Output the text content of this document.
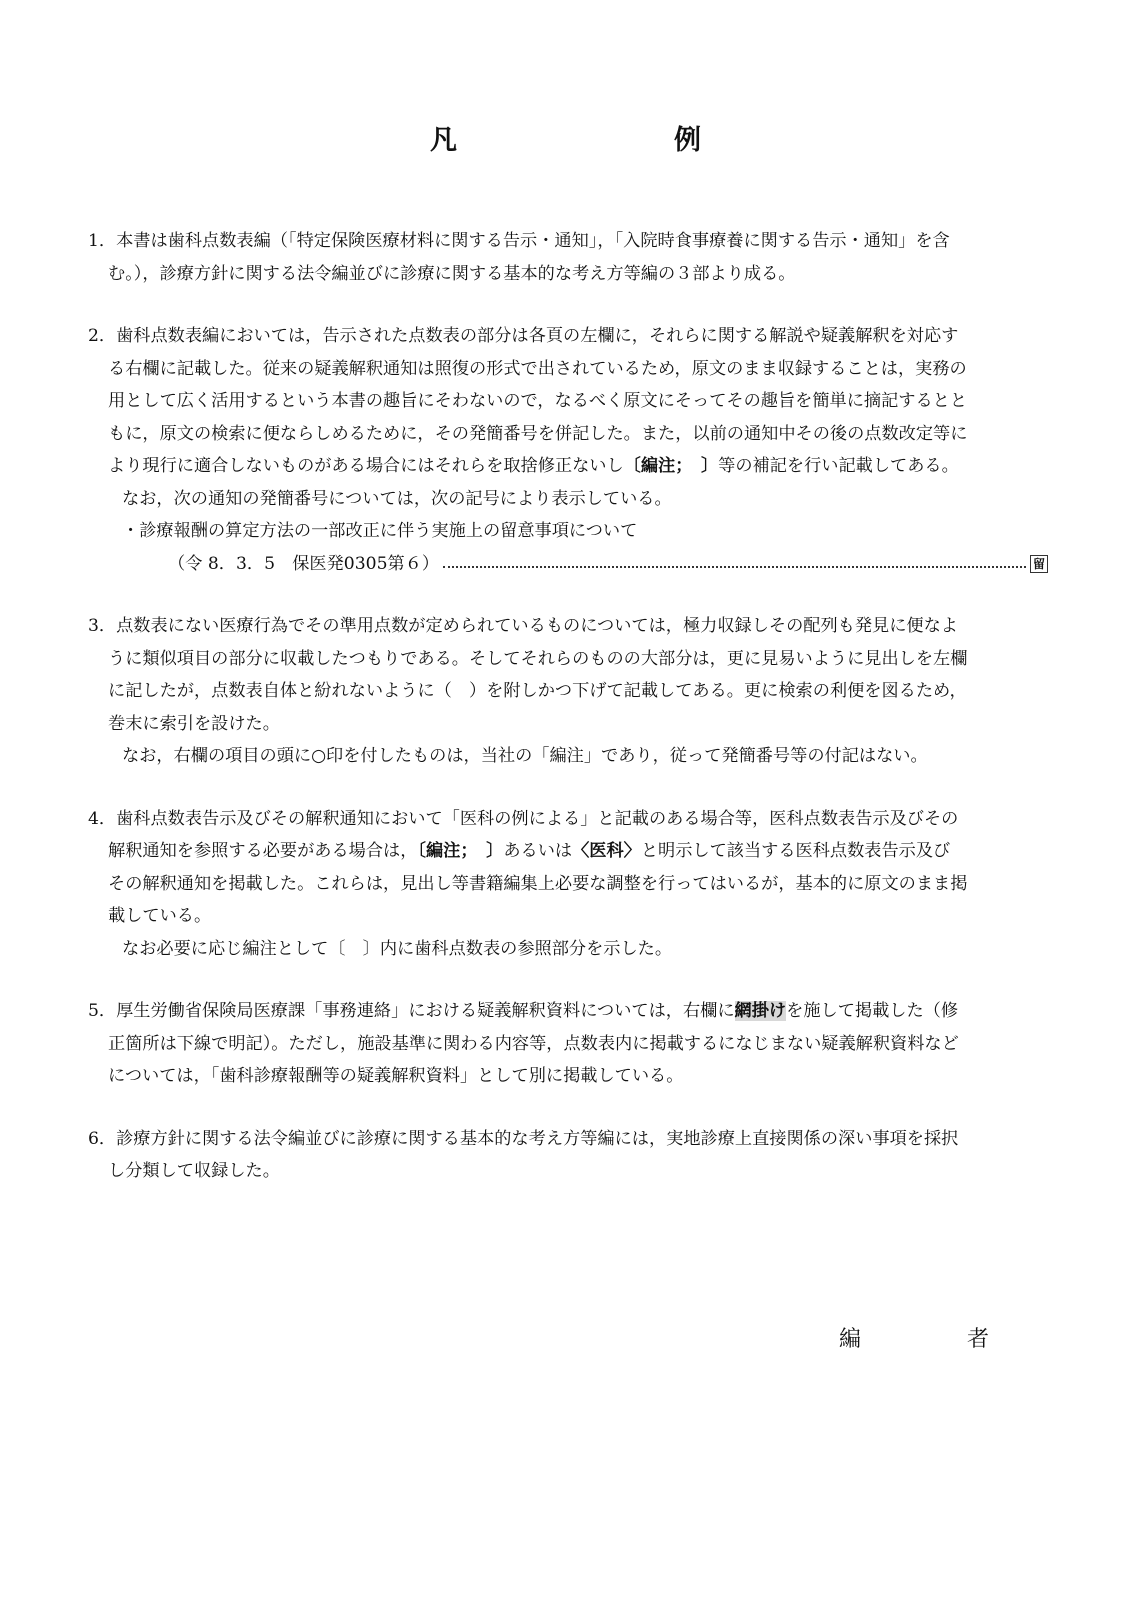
凡　例
1．本書は歯科点数表編（「特定保険医療材料に関する告示・通知」，「入院時食事療養に関する告示・通知」を含
む。），診療方針に関する法令編並びに診療に関する基本的な考え方等編の３部より成る。
2．歯科点数表編においては，告示された点数表の部分は各頁の左欄に，それらに関する解説や疑義解釈を対応す
る右欄に記載した。従来の疑義解釈通知は照復の形式で出されているため，原文のまま収録することは，実務の
用として広く活用するという本書の趣旨にそわないので，なるべく原文にそってその趣旨を簡単に摘記するとと
もに，原文の検索に便ならしめるために，その発簡番号を併記した。また，以前の通知中その後の点数改定等に
より現行に適合しないものがある場合にはそれらを取捨修正ないし〔編注；　〕等の補記を行い記載してある。
なお，次の通知の発簡番号については，次の記号により表示している。
・診療報酬の算定方法の一部改正に伴う実施上の留意事項について
（令 8．3．5　保医発0305第６）	留
3．点数表にない医療行為でその準用点数が定められているものについては，極力収録しその配列も発見に便なよ
うに類似項目の部分に収載したつもりである。そしてそれらのものの大部分は，更に見易いように見出しを左欄
に記したが，点数表自体と紛れないように（　）を附しかつ下げて記載してある。更に検索の利便を図るため，
巻末に索引を設けた。
なお，右欄の項目の頭に○印を付したものは，当社の「編注」であり，従って発簡番号等の付記はない。
4．歯科点数表告示及びその解釈通知において「医科の例による」と記載のある場合等，医科点数表告示及びその
解釈通知を参照する必要がある場合は，〔編注；　〕あるいは〈医科〉と明示して該当する医科点数表告示及び
その解釈通知を掲載した。これらは，見出し等書籍編集上必要な調整を行ってはいるが，基本的に原文のまま掲
載している。
なお必要に応じ編注として〔　〕内に歯科点数表の参照部分を示した。
5．厚生労働省保険局医療課「事務連絡」における疑義解釈資料については，右欄に網掛けを施して掲載した（修
正箇所は下線で明記）。ただし，施設基準に関わる内容等，点数表内に掲載するになじまない疑義解釈資料など
については，「歯科診療報酬等の疑義解釈資料」として別に掲載している。
6．診療方針に関する法令編並びに診療に関する基本的な考え方等編には，実地診療上直接関係の深い事項を採択
し分類して収録した。
編　者
